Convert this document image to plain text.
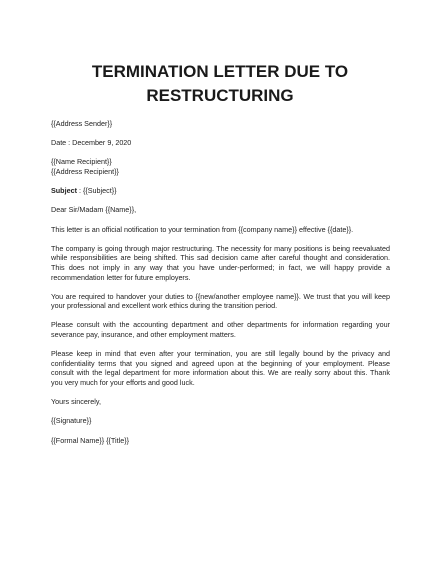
TERMINATION LETTER DUE TO
RESTRUCTURING
{{Address Sender}}
Date : December 9, 2020
{{Name Recipient}}
{{Address Recipient}}
Subject : {{Subject}}
Dear Sir/Madam {{Name}},
This letter is an official notification to your termination from {{company name}} effective {{date}}.
The company is going through major restructuring. The necessity for many positions is being reevaluated while responsibilities are being shifted. This sad decision came after careful thought and consideration. This does not imply in any way that you have under-performed; in fact, we will happy provide a recommendation letter for future employers.
You are required to handover your duties to {{new/another employee name}}. We trust that you will keep your professional and excellent work ethics during the transition period.
Please consult with the accounting department and other departments for information regarding your severance pay, insurance, and other employment matters.
Please keep in mind that even after your termination, you are still legally bound by the privacy and confidentiality terms that you signed and agreed upon at the beginning of your employment. Please consult with the legal department for more information about this. We are really sorry about this. Thank you very much for your efforts and good luck.
Yours sincerely,
{{Signature}}
{{Formal Name}} {{Title}}
